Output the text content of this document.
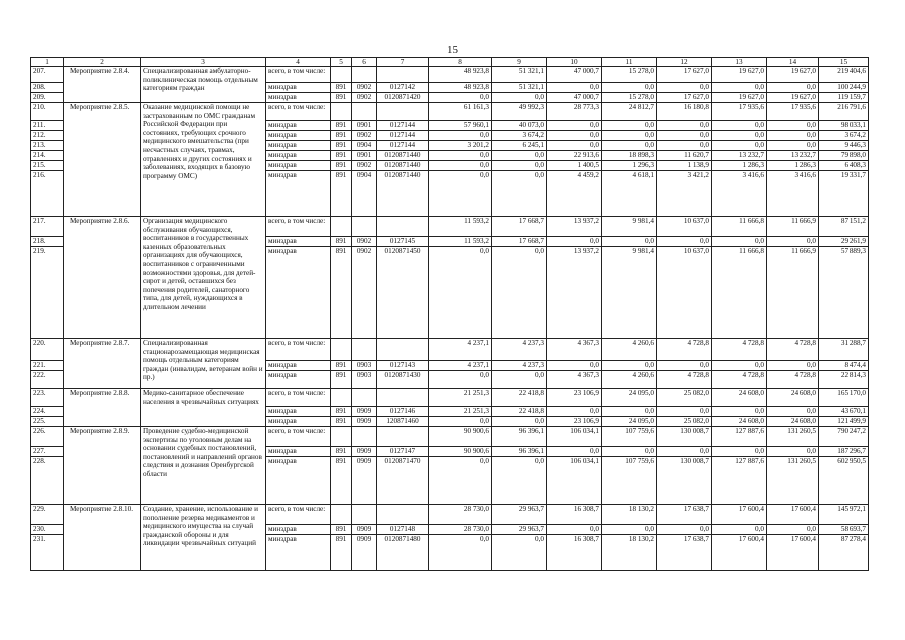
15
1	2	3	4	5	6	7	8	9	10	11	12	13	14	15
207.	Мероприятие 2.8.4.	Специализированная амбулаторно-поликлиническая помощь отдельным категориям граждан	всего, в том числе:				48 923,8	51 321,1	47 000,7	15 278,0	17 627,0	19 627,0	19 627,0	219 404,6
208.			минздрав	891	0902	0127142	48 923,8	51 321,1	0,0	0,0	0,0	0,0	0,0	100 244,9
209.			минздрав	891	0902	0120871420	0,0	0,0	47 000,7	15 278,0	17 627,0	19 627,0	19 627,0	119 159,7
210.	Мероприятие 2.8.5.	Оказание медицинской помощи не застрахованным по ОМС гражданам Российской Федерации при состояниях, требующих срочного медицинского вмешательства (при несчастных случаях, травмах, отравлениях и других состояниях и заболеваниях, входящих в базовую программу ОМС)	всего, в том числе:				61 161,3	49 992,3	28 773,3	24 812,7	16 180,8	17 935,6	17 935,6	216 791,6
211.			минздрав	891	0901	0127144	57 960,1	40 073,0	0,0	0,0	0,0	0,0	0,0	98 033,1
212.			минздрав	891	0902	0127144	0,0	3 674,2	0,0	0,0	0,0	0,0	0,0	3 674,2
213.			минздрав	891	0904	0127144	3 201,2	6 245,1	0,0	0,0	0,0	0,0	0,0	9 446,3
214.			минздрав	891	0901	0120871440	0,0	0,0	22 913,6	18 898,3	11 620,7	13 232,7	13 232,7	79 898,0
215.			минздрав	891	0902	0120871440	0,0	0,0	1 400,5	1 296,3	1 138,9	1 286,3	1 286,3	6 408,3
216.			минздрав	891	0904	0120871440	0,0	0,0	4 459,2	4 618,1	3 421,2	3 416,6	3 416,6	19 331,7
217.	Мероприятие 2.8.6.	Организация медицинского обслуживания обучающихся, воспитанников в государственных казенных образовательных организациях для обучающихся, воспитанников с ограниченными возможностями здоровья, для детей-сирот и детей, оставшихся без попечения родителей, санаторного типа, для детей, нуждающихся в длительном лечении	всего, в том числе:				11 593,2	17 668,7	13 937,2	9 981,4	10 637,0	11 666,8	11 666,9	87 151,2
218.			минздрав	891	0902	0127145	11 593,2	17 668,7	0,0	0,0	0,0	0,0	0,0	29 261,9
219.			минздрав	891	0902	0120871450	0,0	0,0	13 937,2	9 981,4	10 637,0	11 666,8	11 666,9	57 889,3
220.	Мероприятие 2.8.7.	Специализированная стационарозамещающая медицинская помощь отдельным категориям граждан (инвалидам, ветеранам войн и пр.)	всего, в том числе:				4 237,1	4 237,3	4 367,3	4 260,6	4 728,8	4 728,8	4 728,8	31 288,7
221.			минздрав	891	0903	0127143	4 237,1	4 237,3	0,0	0,0	0,0	0,0	0,0	8 474,4
222.			минздрав	891	0903	0120871430	0,0	0,0	4 367,3	4 260,6	4 728,8	4 728,8	4 728,8	22 814,3
223.	Мероприятие 2.8.8.	Медико-санитарное обеспечение населения в чрезвычайных ситуациях	всего, в том числе:				21 251,3	22 418,8	23 106,9	24 095,0	25 082,0	24 608,0	24 608,0	165 170,0
224.			минздрав	891	0909	0127146	21 251,3	22 418,8	0,0	0,0	0,0	0,0	0,0	43 670,1
225.			минздрав	891	0909	120871460	0,0	0,0	23 106,9	24 095,0	25 082,0	24 608,0	24 608,0	121 499,9
226.	Мероприятие 2.8.9.	Проведение судебно-медицинской экспертизы по уголовным делам на основании судебных постановлений, постановлений и направлений органов следствия и дознания Оренбургской области	всего, в том числе:				90 900,6	96 396,1	106 034,1	107 759,6	130 008,7	127 887,6	131 260,5	790 247,2
227.			минздрав	891	0909	0127147	90 900,6	96 396,1	0,0	0,0	0,0	0,0	0,0	187 296,7
228.			минздрав	891	0909	0120871470	0,0	0,0	106 034,1	107 759,6	130 008,7	127 887,6	131 260,5	602 950,5
229.	Мероприятие 2.8.10.	Создание, хранение, использование и пополнение резерва медикаментов и медицинского имущества на случай гражданской обороны и для ликвидации чрезвычайных ситуаций	всего, в том числе:				28 730,0	29 963,7	16 308,7	18 130,2	17 638,7	17 600,4	17 600,4	145 972,1
230.			минздрав	891	0909	0127148	28 730,0	29 963,7	0,0	0,0	0,0	0,0	0,0	58 693,7
231.			минздрав	891	0909	0120871480	0,0	0,0	16 308,7	18 130,2	17 638,7	17 600,4	17 600,4	87 278,4
